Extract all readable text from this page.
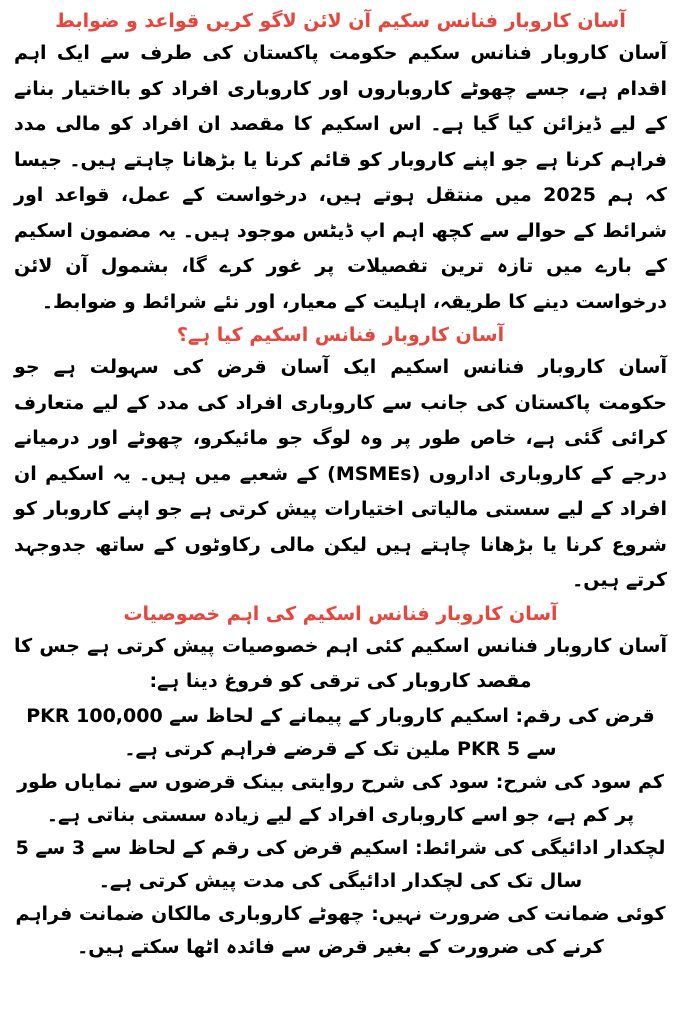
آسان کاروبار فنانس سکیم آن لائن لاگو کریں قواعد و ضوابط

آسان کاروبار فنانس سکیم حکومت پاکستان کی طرف سے ایک اہم اقدام ہے، جسے چھوٹے کاروباروں اور کاروباری افراد کو بااختیار بنانے کے لیے ڈیزائن کیا گیا ہے۔ اس اسکیم کا مقصد ان افراد کو مالی مدد فراہم کرنا ہے جو اپنے کاروبار کو قائم کرنا یا بڑھانا چاہتے ہیں۔ جیسا کہ ہم 2025 میں منتقل ہوتے ہیں، درخواست کے عمل، قواعد اور شرائط کے حوالے سے کچھ اہم اپ ڈیٹس موجود ہیں۔ یہ مضمون اسکیم کے بارے میں تازہ ترین تفصیلات پر غور کرے گا، بشمول آن لائن درخواست دینے کا طریقہ، اہلیت کے معیار، اور نئے شرائط و ضوابط۔

آسان کاروبار فنانس اسکیم کیا ہے؟

آسان کاروبار فنانس اسکیم ایک آسان قرض کی سہولت ہے جو حکومت پاکستان کی جانب سے کاروباری افراد کی مدد کے لیے متعارف کرائی گئی ہے، خاص طور پر وہ لوگ جو مائیکرو، چھوٹے اور درمیانے درجے کے کاروباری اداروں (MSMEs) کے شعبے میں ہیں۔ یہ اسکیم ان افراد کے لیے سستی مالیاتی اختیارات پیش کرتی ہے جو اپنے کاروبار کو شروع کرنا یا بڑھانا چاہتے ہیں لیکن مالی رکاوٹوں کے ساتھ جدوجہد کرتے ہیں۔

آسان کاروبار فنانس اسکیم کی اہم خصوصیات

آسان کاروبار فنانس اسکیم کئی اہم خصوصیات پیش کرتی ہے جس کا مقصد کاروبار کی ترقی کو فروغ دینا ہے:

قرض کی رقم: اسکیم کاروبار کے پیمانے کے لحاظ سے PKR 100,000 سے PKR 5 ملین تک کے قرضے فراہم کرتی ہے۔

کم سود کی شرح: سود کی شرح روایتی بینک قرضوں سے نمایاں طور پر کم ہے، جو اسے کاروباری افراد کے لیے زیادہ سستی بناتی ہے۔

لچکدار ادائیگی کی شرائط: اسکیم قرض کی رقم کے لحاظ سے 3 سے 5 سال تک کی لچکدار ادائیگی کی مدت پیش کرتی ہے۔

کوئی ضمانت کی ضرورت نہیں: چھوٹے کاروباری مالکان ضمانت فراہم کرنے کی ضرورت کے بغیر قرض سے فائدہ اٹھا سکتے ہیں۔
